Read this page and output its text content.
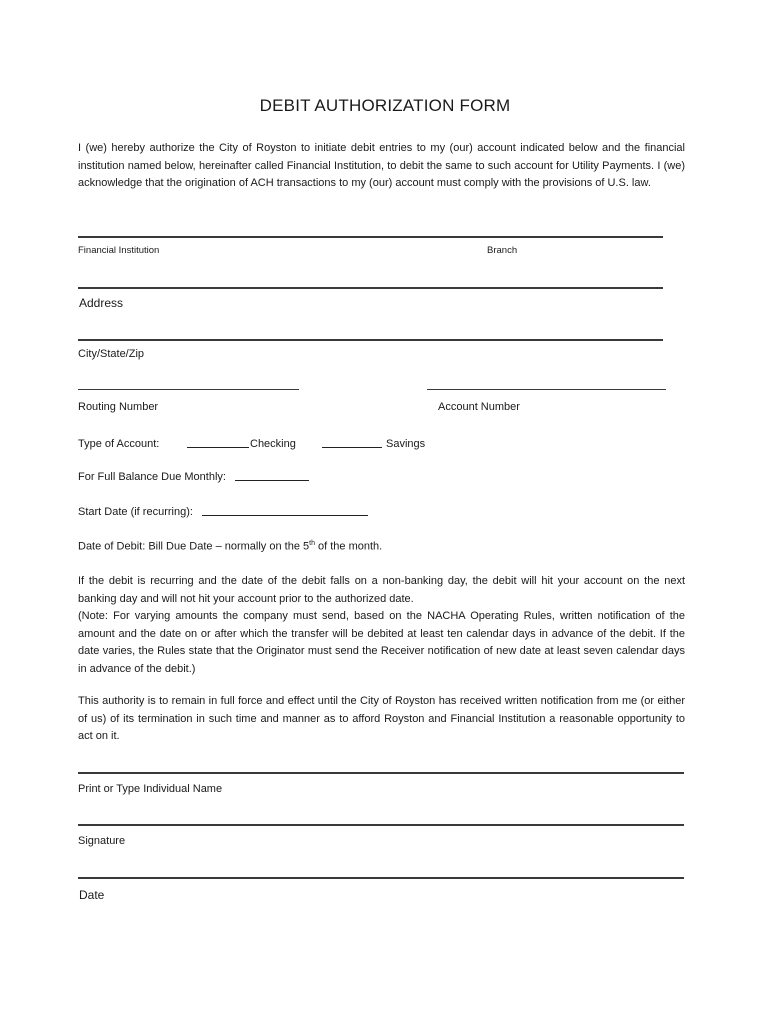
DEBIT AUTHORIZATION FORM

I (we) hereby authorize the City of Royston to initiate debit entries to my (our) account indicated below and the financial institution named below, hereinafter called Financial Institution, to debit the same to such account for Utility Payments. I (we) acknowledge that the origination of ACH transactions to my (our) account must comply with the provisions of U.S. law.

Financial Institution	Branch
Address
City/State/Zip
Routing Number	Account Number
Type of Account:	Checking	Savings
For Full Balance Due Monthly:
Start Date (if recurring):
Date of Debit: Bill Due Date – normally on the 5th of the month.

If the debit is recurring and the date of the debit falls on a non-banking day, the debit will hit your account on the next banking day and will not hit your account prior to the authorized date.

(Note: For varying amounts the company must send, based on the NACHA Operating Rules, written notification of the amount and the date on or after which the transfer will be debited at least ten calendar days in advance of the debit. If the date varies, the Rules state that the Originator must send the Receiver notification of new date at least seven calendar days in advance of the debit.)

This authority is to remain in full force and effect until the City of Royston has received written notification from me (or either of us) of its termination in such time and manner as to afford Royston and Financial Institution a reasonable opportunity to act on it.

Print or Type Individual Name
Signature
Date
